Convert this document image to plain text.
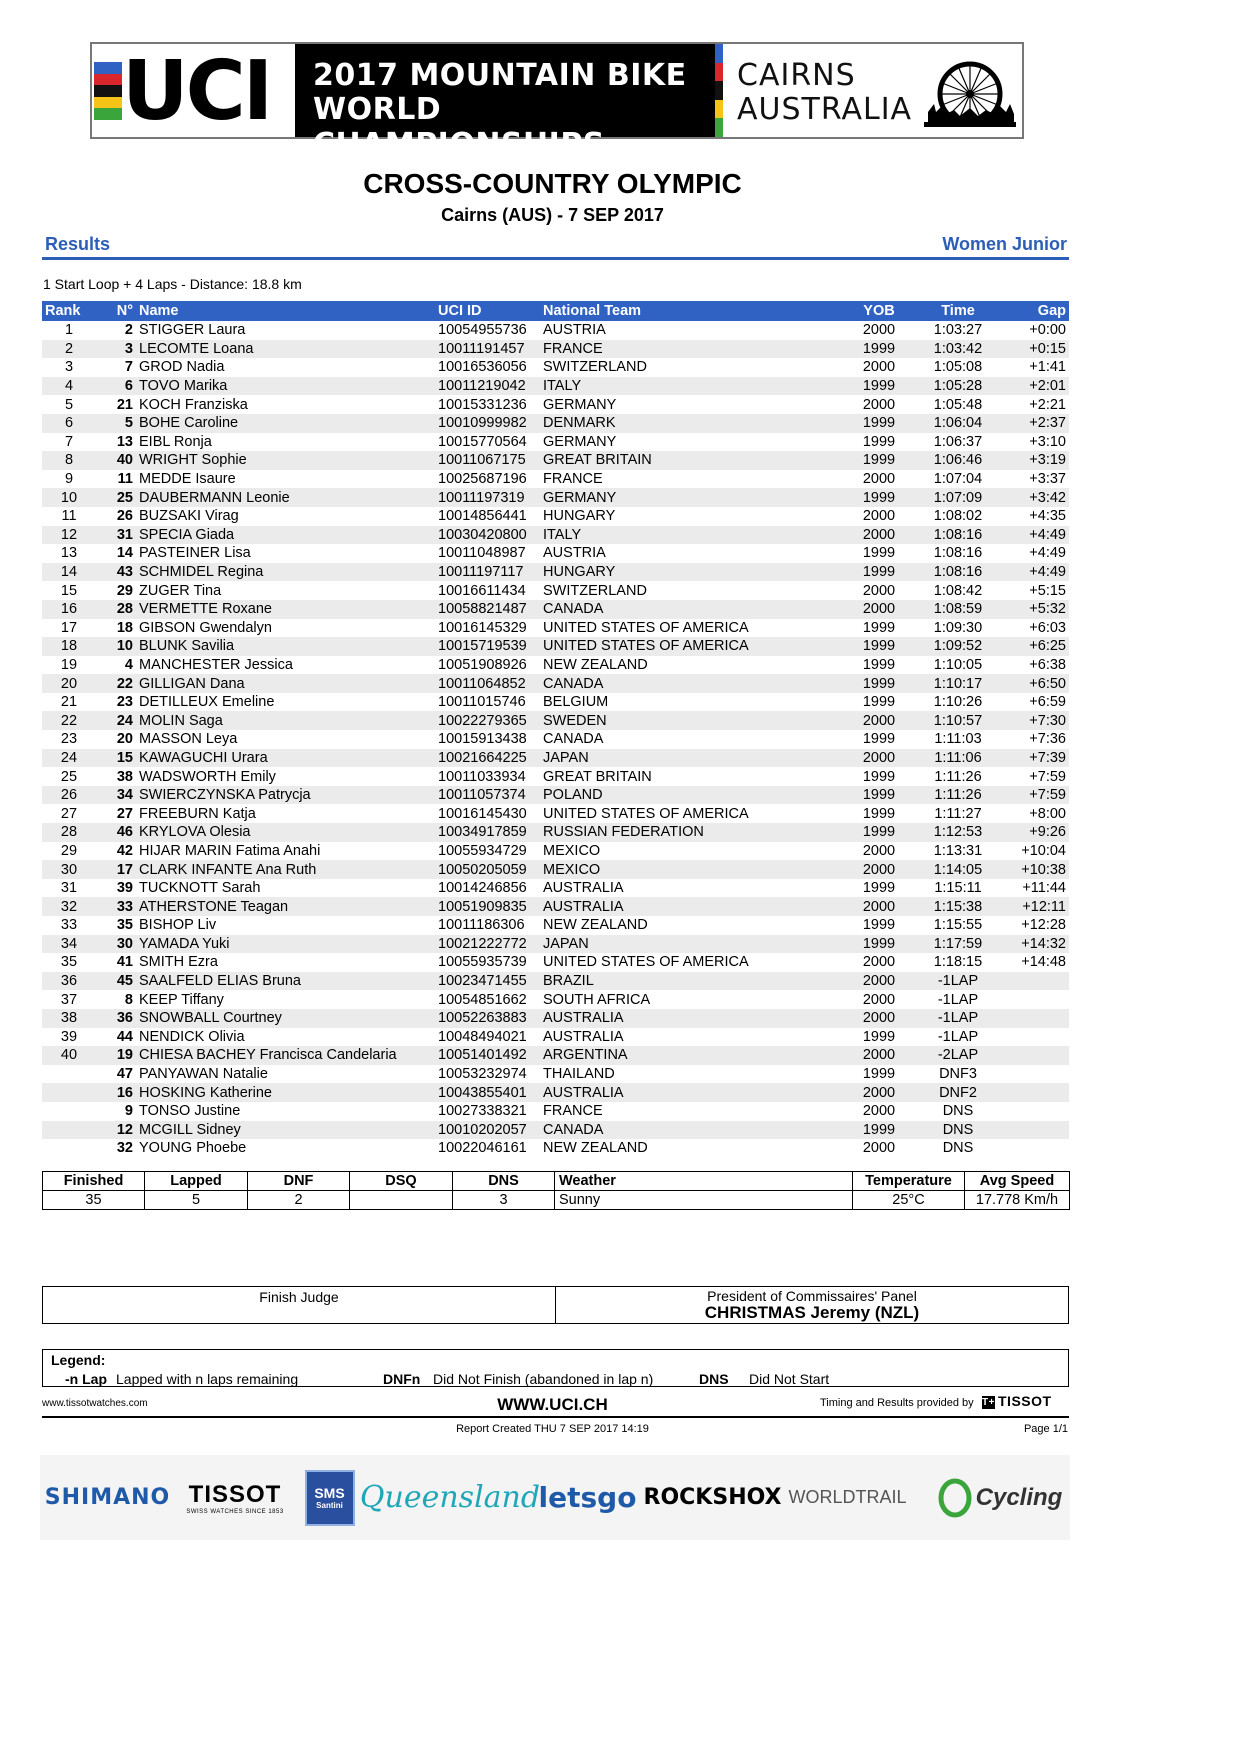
UCI	2017 MOUNTAIN BIKE
WORLD CHAMPIONSHIPS
CAIRNS
AUSTRALIA
CROSS-COUNTRY OLYMPIC
Cairns (AUS) - 7 SEP 2017
Results	Women Junior
1 Start Loop + 4 Laps - Distance: 18.8 km
Rank	N°	Name	UCI ID	National Team	YOB	Time	Gap
1	2	STIGGER Laura	10054955736	AUSTRIA	2000	1:03:27	+0:00
2	3	LECOMTE Loana	10011191457	FRANCE	1999	1:03:42	+0:15
3	7	GROD Nadia	10016536056	SWITZERLAND	2000	1:05:08	+1:41
4	6	TOVO Marika	10011219042	ITALY	1999	1:05:28	+2:01
5	21	KOCH Franziska	10015331236	GERMANY	2000	1:05:48	+2:21
6	5	BOHE Caroline	10010999982	DENMARK	1999	1:06:04	+2:37
7	13	EIBL Ronja	10015770564	GERMANY	1999	1:06:37	+3:10
8	40	WRIGHT Sophie	10011067175	GREAT BRITAIN	1999	1:06:46	+3:19
9	11	MEDDE Isaure	10025687196	FRANCE	2000	1:07:04	+3:37
10	25	DAUBERMANN Leonie	10011197319	GERMANY	1999	1:07:09	+3:42
11	26	BUZSAKI Virag	10014856441	HUNGARY	2000	1:08:02	+4:35
12	31	SPECIA Giada	10030420800	ITALY	2000	1:08:16	+4:49
13	14	PASTEINER Lisa	10011048987	AUSTRIA	1999	1:08:16	+4:49
14	43	SCHMIDEL Regina	10011197117	HUNGARY	1999	1:08:16	+4:49
15	29	ZUGER Tina	10016611434	SWITZERLAND	2000	1:08:42	+5:15
16	28	VERMETTE Roxane	10058821487	CANADA	2000	1:08:59	+5:32
17	18	GIBSON Gwendalyn	10016145329	UNITED STATES OF AMERICA	1999	1:09:30	+6:03
18	10	BLUNK Savilia	10015719539	UNITED STATES OF AMERICA	1999	1:09:52	+6:25
19	4	MANCHESTER Jessica	10051908926	NEW ZEALAND	1999	1:10:05	+6:38
20	22	GILLIGAN Dana	10011064852	CANADA	1999	1:10:17	+6:50
21	23	DETILLEUX Emeline	10011015746	BELGIUM	1999	1:10:26	+6:59
22	24	MOLIN Saga	10022279365	SWEDEN	2000	1:10:57	+7:30
23	20	MASSON Leya	10015913438	CANADA	1999	1:11:03	+7:36
24	15	KAWAGUCHI Urara	10021664225	JAPAN	2000	1:11:06	+7:39
25	38	WADSWORTH Emily	10011033934	GREAT BRITAIN	1999	1:11:26	+7:59
26	34	SWIERCZYNSKA Patrycja	10011057374	POLAND	1999	1:11:26	+7:59
27	27	FREEBURN Katja	10016145430	UNITED STATES OF AMERICA	1999	1:11:27	+8:00
28	46	KRYLOVA Olesia	10034917859	RUSSIAN FEDERATION	1999	1:12:53	+9:26
29	42	HIJAR MARIN Fatima Anahi	10055934729	MEXICO	2000	1:13:31	+10:04
30	17	CLARK INFANTE Ana Ruth	10050205059	MEXICO	2000	1:14:05	+10:38
31	39	TUCKNOTT Sarah	10014246856	AUSTRALIA	1999	1:15:11	+11:44
32	33	ATHERSTONE Teagan	10051909835	AUSTRALIA	2000	1:15:38	+12:11
33	35	BISHOP Liv	10011186306	NEW ZEALAND	1999	1:15:55	+12:28
34	30	YAMADA Yuki	10021222772	JAPAN	1999	1:17:59	+14:32
35	41	SMITH Ezra	10055935739	UNITED STATES OF AMERICA	2000	1:18:15	+14:48
36	45	SAALFELD ELIAS Bruna	10023471455	BRAZIL	2000	-1LAP	
37	8	KEEP Tiffany	10054851662	SOUTH AFRICA	2000	-1LAP	
38	36	SNOWBALL Courtney	10052263883	AUSTRALIA	2000	-1LAP	
39	44	NENDICK Olivia	10048494021	AUSTRALIA	1999	-1LAP	
40	19	CHIESA BACHEY Francisca Candelaria	10051401492	ARGENTINA	2000	-2LAP	
	47	PANYAWAN Natalie	10053232974	THAILAND	1999	DNF3	
	16	HOSKING Katherine	10043855401	AUSTRALIA	2000	DNF2	
	9	TONSO Justine	10027338321	FRANCE	2000	DNS	
	12	MCGILL Sidney	10010202057	CANADA	1999	DNS	
	32	YOUNG Phoebe	10022046161	NEW ZEALAND	2000	DNS	
Finished	Lapped	DNF	DSQ	DNS	Weather	Temperature	Avg Speed
35	5	2		3	Sunny	25°C	17.778 Km/h
Finish Judge	President of Commissaires' Panel
CHRISTMAS Jeremy (NZL)
Legend:
-n Lap Lapped with n laps remaining	DNFn Did Not Finish (abandoned in lap n)	DNS Did Not Start
www.tissotwatches.com	WWW.UCI.CH	Timing and Results provided by T+ TISSOT
Report Created THU 7 SEP 2017 14:19	Page 1/1
SHIMANO TISSOT
SWISS WATCHES SINCE 1853
SMS
Santini Queensland
letsgo ROCKSHOX WORLDTRAIL	Cycling
